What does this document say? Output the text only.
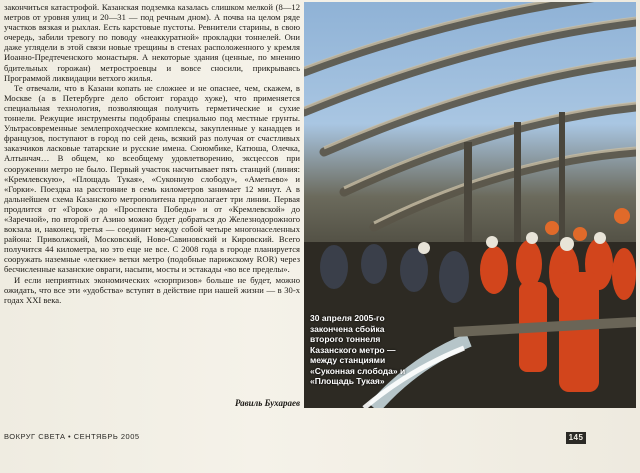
закончиться катастрофой. Казанская подземка казалась слишком мелкой (8—12 метров от уровня улиц и 20—31 — под речным дном). А почва на целом ряде участков вязкая и рыхлая. Есть карстовые пустоты. Ревнители старины, в свою очередь, забили тревогу по поводу «неаккуратной» прокладки тоннелей. Они даже углядели в этой связи новые трещины в стенах расположенного у кремля Иоанно-Предтеченского монастыря. А некоторые здания (ценные, по мнению бдительных горожан) метростроевцы и вовсе сносили, прикрываясь Программой ликвидации ветхого жилья.

Те отвечали, что в Казани копать не сложнее и не опаснее, чем, скажем, в Москве (а в Петербурге дело обстоит гораздо хуже), что применяется специальная технология, позволяющая получить герметические и сухие тоннели. Режущие инструменты подобраны специально под местные грунты. Ультрасовременные землепроходческие комплексы, закупленные у канадцев и французов, поступают в город по сей день, всякий раз получая от счастливых заказчиков ласковые татарские и русские имена. Сююмбике, Катюша, Олечка, Алтынчач… В общем, ко всеобщему удовлетворению, эксцессов при сооружении метро не было. Первый участок насчитывает пять станций (линия: «Кремлевскую», «Площадь Тукая», «Суконную слободу», «Аметьево» и «Горки». Поездка на расстояние в семь километров занимает 12 минут. А в дальнейшем схема Казанского метрополитена предполагает три линии. Первая продлится от «Горок» до «Проспекта Победы» и от «Кремлевской» до «Заречной», по второй от Азино можно будет добраться до Железнодорожного вокзала и, наконец, третья — соединит между собой четыре многонаселенных района: Приволжский, Московский, Ново-Савиновский и Кировский. Всего получится 44 километра, но это еще не все. С 2008 года в городе планируется сооружать наземные «легкие» ветки метро (подобные парижскому ROR) через бесчисленные казанские овраги, насыпи, мосты и эстакады «во все пределы».

И если неприятных экономических «сюрпризов» больше не будет, можно ожидать, что все эти «удобства» вступят в действие при нашей жизни — в 30-х годах XXI века.

Равиль Бухараев
30 апреля 2005-го закончена сбойка второго тоннеля Казанского метро — между станциями «Суконная слобода» и «Площадь Тукая»
ВОКРУГ СВЕТА • СЕНТЯБРЬ 2005	145
